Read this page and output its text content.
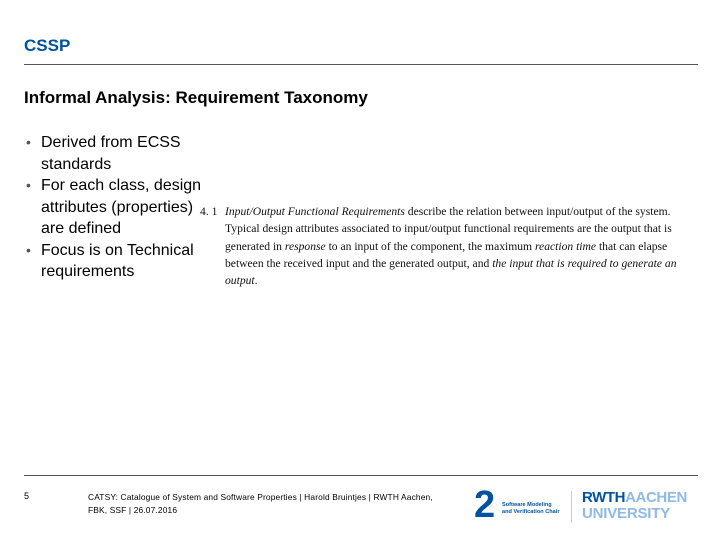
CSSP
Informal Analysis: Requirement Taxonomy
• Derived from ECSS standards
• For each class, design attributes (properties) are defined
• Focus is on Technical requirements
4. 1 Input/Output Functional Requirements describe the relation between input/output of the system. Typical design attributes associated to input/output functional requirements are the output that is generated in response to an input of the component, the maximum reaction time that can elapse between the received input and the generated output, and the input that is required to generate an output.
5	CATSY: Catalogue of System and Software Properties | Harold Bruintjes | RWTH Aachen, FBK, SSF | 26.07.2016	2 Software Modeling
and Verification Chair
RWTHAACHEN
UNIVERSITY
